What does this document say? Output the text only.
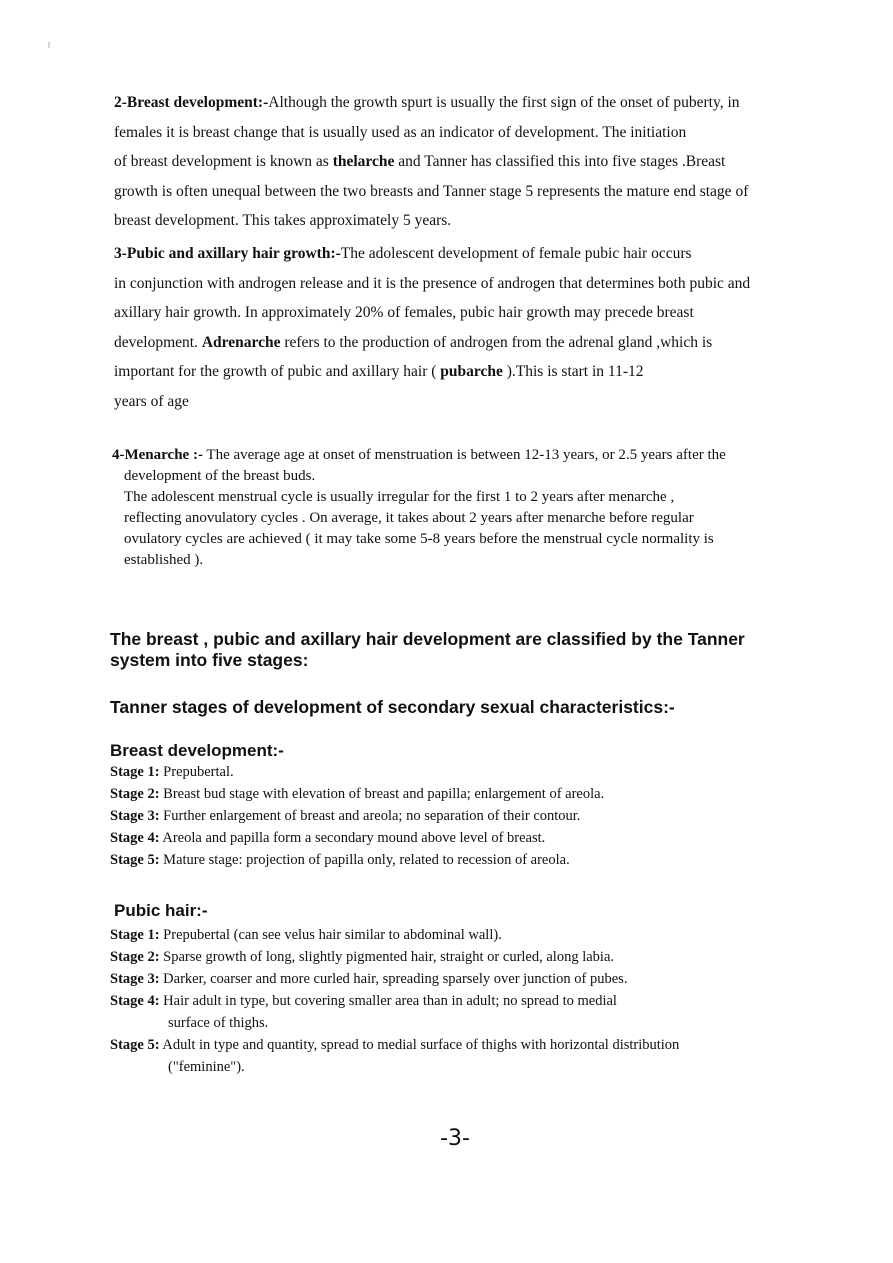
2-Breast development:-Although the growth spurt is usually the first sign of the onset of puberty, in
females it is breast change that is usually used as an indicator of development. The initiation
of breast development is known as thelarche and Tanner has classified this into five stages .Breast
growth is often unequal between the two breasts and Tanner stage 5 represents the mature end stage of
breast development. This takes approximately 5 years.
3-Pubic and axillary hair growth:-The adolescent development of female pubic hair occurs
in conjunction with androgen release and it is the presence of androgen that determines both pubic and
axillary hair growth. In approximately 20% of females, pubic hair growth may precede breast
development. Adrenarche refers to the production of androgen from the adrenal gland ,which is
important for the growth of pubic and axillary hair ( pubarche ).This is start in 11-12
years of age
4-Menarche :- The average age at onset of menstruation is between 12-13 years, or 2.5 years after the
development of the breast buds.
The adolescent menstrual cycle is usually irregular for the first 1 to 2 years after menarche ,
reflecting anovulatory cycles . On average, it takes about 2 years after menarche before regular
ovulatory cycles are achieved ( it may take some 5-8 years before the menstrual cycle normality is
established ).
The breast , pubic and axillary hair development are classified by the Tanner
system into five stages:
Tanner stages of development of secondary sexual characteristics:-
Breast development:-
Stage 1: Prepubertal.
Stage 2: Breast bud stage with elevation of breast and papilla; enlargement of areola.
Stage 3: Further enlargement of breast and areola; no separation of their contour.
Stage 4: Areola and papilla form a secondary mound above level of breast.
Stage 5: Mature stage: projection of papilla only, related to recession of areola.
Pubic hair:-
Stage 1: Prepubertal (can see velus hair similar to abdominal wall).
Stage 2: Sparse growth of long, slightly pigmented hair, straight or curled, along labia.
Stage 3: Darker, coarser and more curled hair, spreading sparsely over junction of pubes.
Stage 4: Hair adult in type, but covering smaller area than in adult; no spread to medial
surface of thighs.
Stage 5: Adult in type and quantity, spread to medial surface of thighs with horizontal distribution
("feminine").
-3-
